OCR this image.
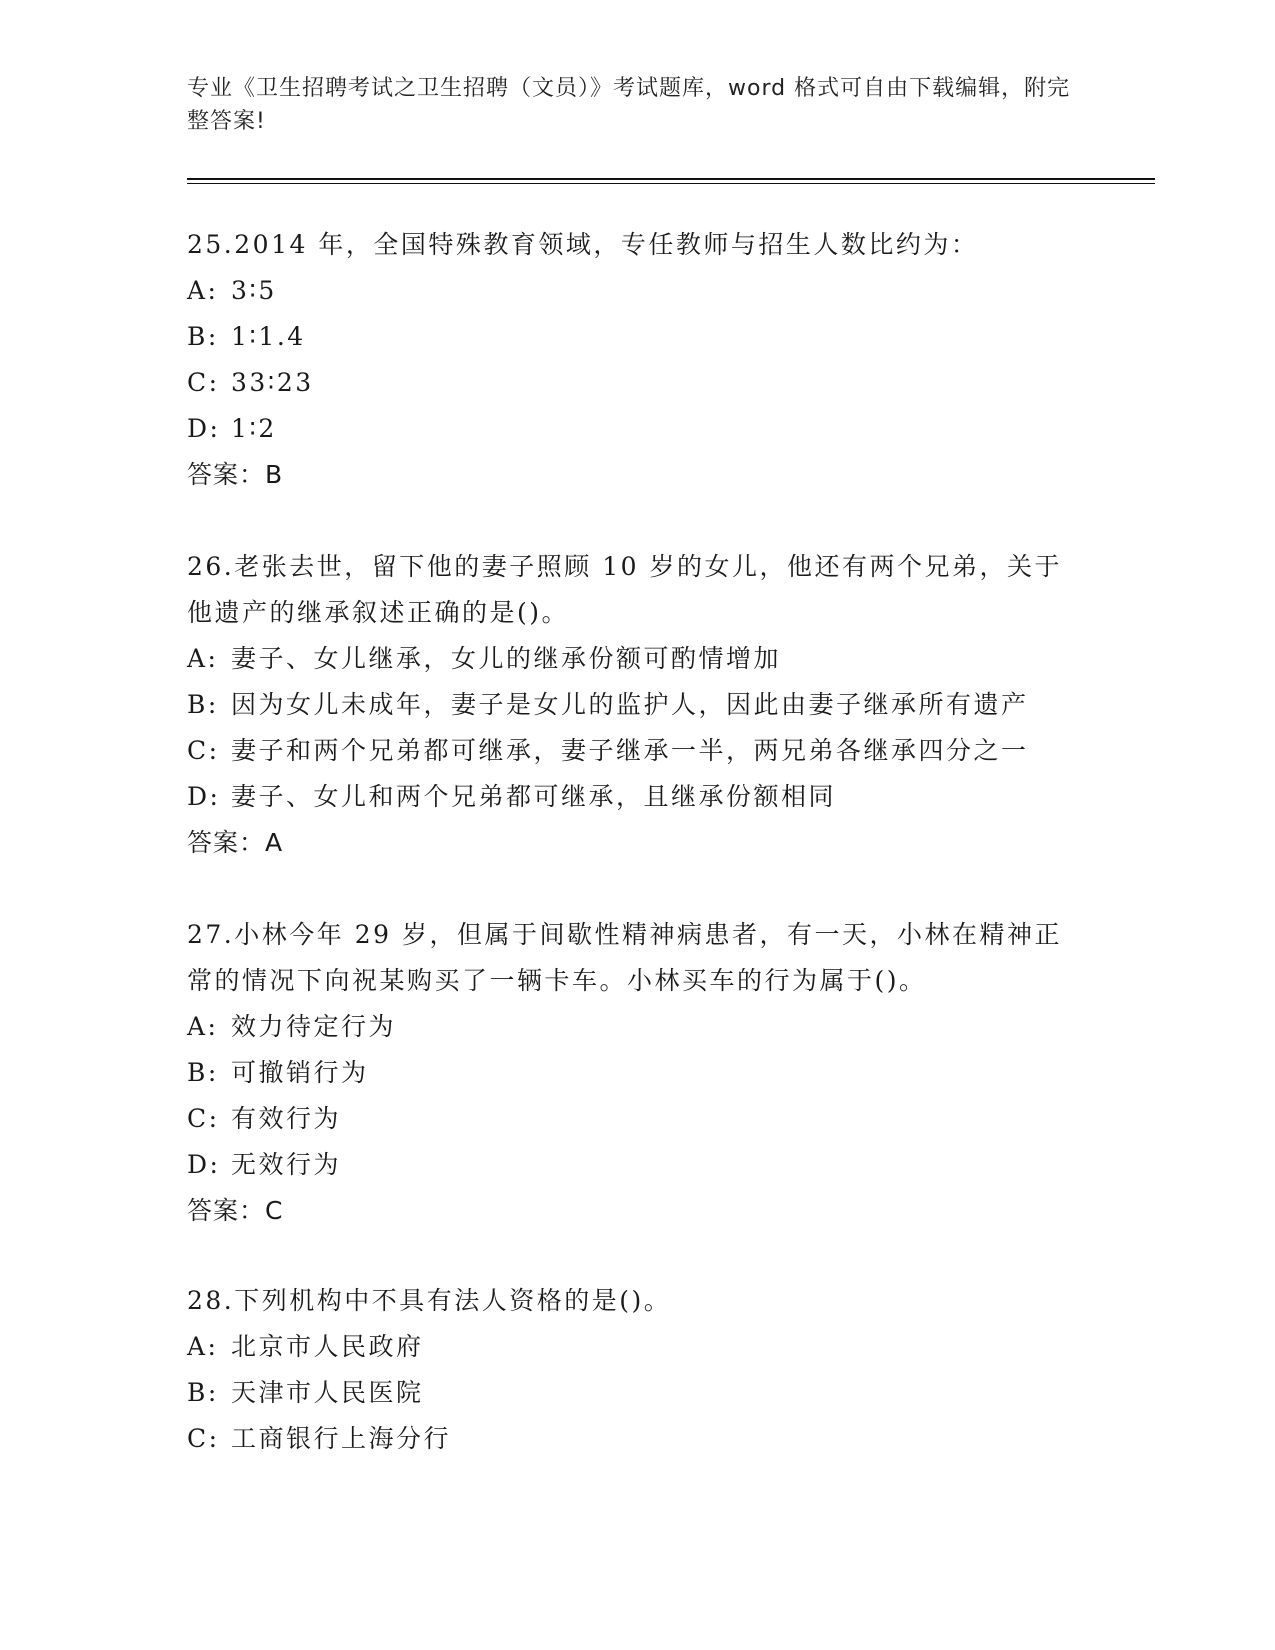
专业《卫生招聘考试之卫生招聘（文员）》考试题库，word 格式可自由下载编辑，附完整答案!

25.2014 年，全国特殊教育领域，专任教师与招生人数比约为：

A: 3∶5

B: 1∶1.4

C: 33∶23

D: 1∶2

答案：B

26.老张去世，留下他的妻子照顾 10 岁的女儿，他还有两个兄弟，关于他遗产的继承叙述正确的是()。

A: 妻子、女儿继承，女儿的继承份额可酌情增加

B: 因为女儿未成年，妻子是女儿的监护人，因此由妻子继承所有遗产

C: 妻子和两个兄弟都可继承，妻子继承一半，两兄弟各继承四分之一

D: 妻子、女儿和两个兄弟都可继承，且继承份额相同

答案：A

27.小林今年 29 岁，但属于间歇性精神病患者，有一天，小林在精神正常的情况下向祝某购买了一辆卡车。小林买车的行为属于()。

A: 效力待定行为

B: 可撤销行为

C: 有效行为

D: 无效行为

答案：C

28.下列机构中不具有法人资格的是()。

A: 北京市人民政府

B: 天津市人民医院

C: 工商银行上海分行
